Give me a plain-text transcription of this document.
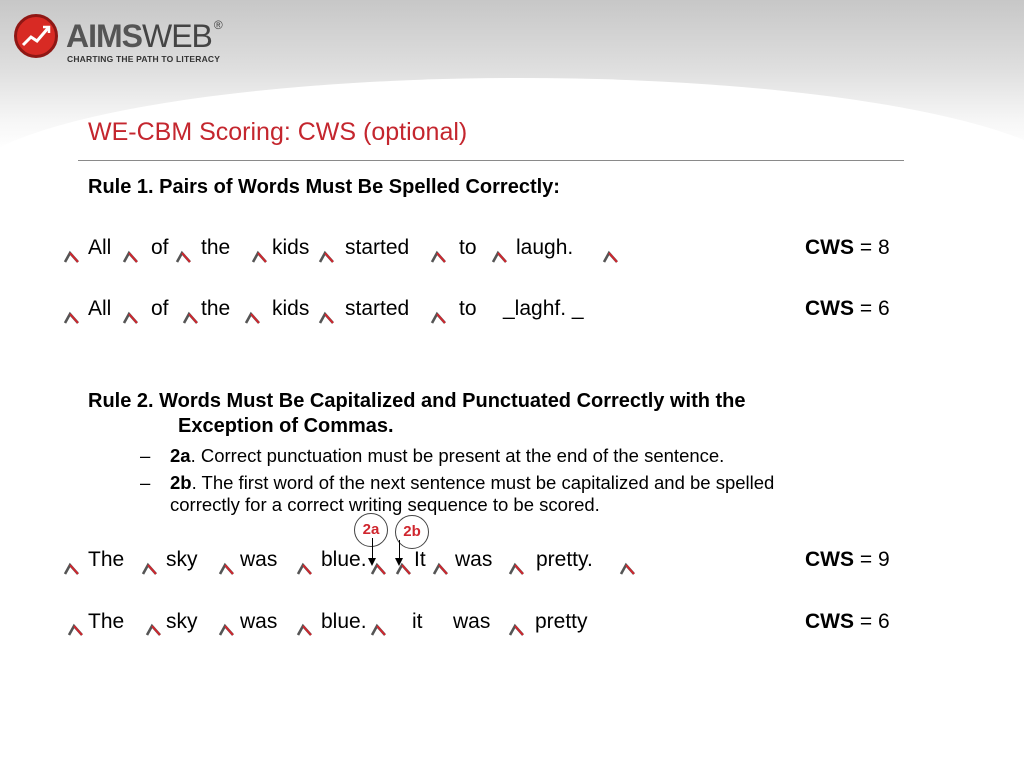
AIMSWEB ®
CHARTING THE PATH TO LITERACY
WE-CBM Scoring: CWS (optional)
Rule 1. Pairs of Words Must Be Spelled Correctly:
All of the kids started to laugh.	CWS = 8
All of the kids started to _laghf. _	CWS = 6
Rule 2. Words Must Be Capitalized and Punctuated Correctly with the
Exception of Commas.
– 2a. Correct punctuation must be present at the end of the sentence.
– 2b. The first word of the next sentence must be capitalized and be spelled
correctly for a correct writing sequence to be scored.
2a	2b
The sky was blue. It was pretty.	CWS = 9
The sky was blue. it was pretty	CWS = 6
